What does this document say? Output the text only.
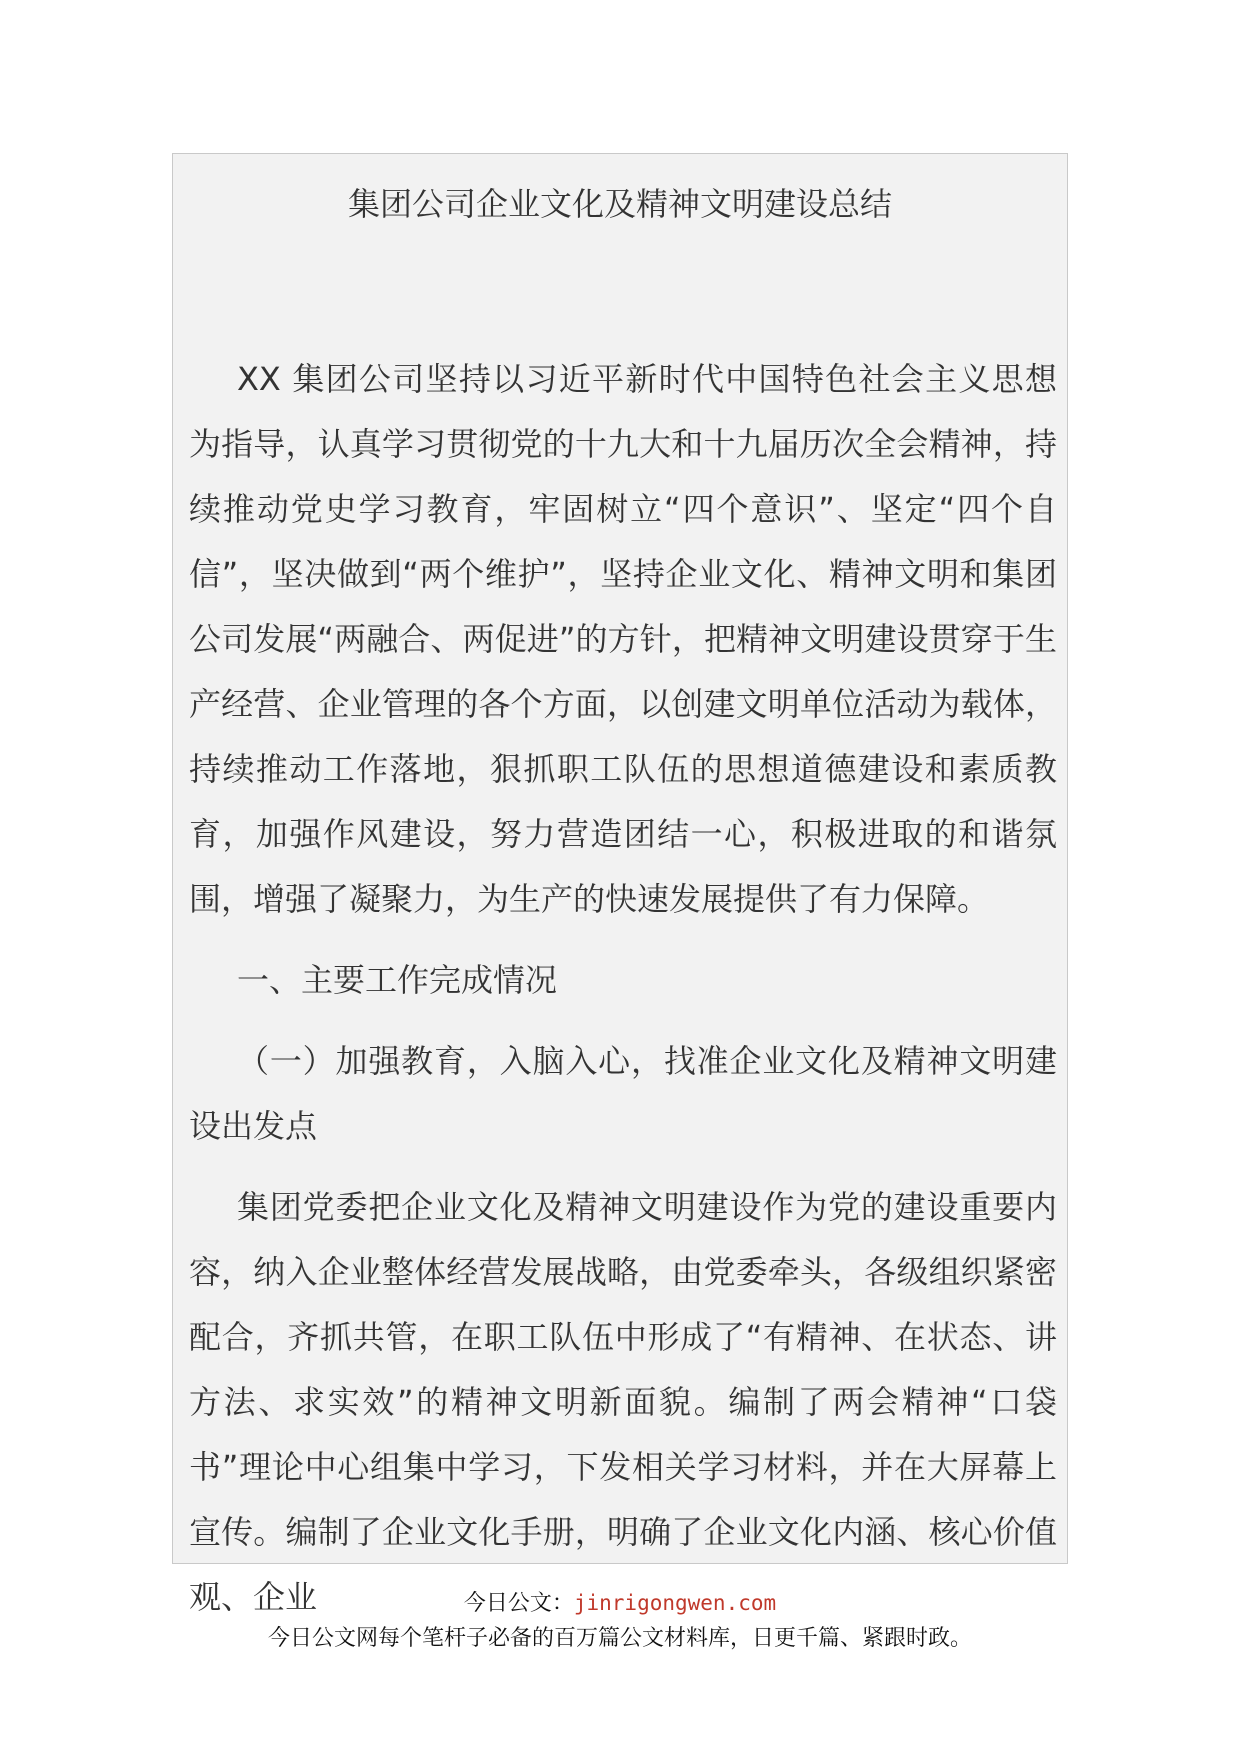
集团公司企业文化及精神文明建设总结

XX 集团公司坚持以习近平新时代中国特色社会主义思想为指导，认真学习贯彻党的十九大和十九届历次全会精神，持续推动党史学习教育，牢固树立“四个意识”、坚定“四个自信”，坚决做到“两个维护”，坚持企业文化、精神文明和集团公司发展“两融合、两促进”的方针，把精神文明建设贯穿于生产经营、企业管理的各个方面，以创建文明单位活动为载体，持续推动工作落地，狠抓职工队伍的思想道德建设和素质教育，加强作风建设，努力营造团结一心，积极进取的和谐氛围，增强了凝聚力，为生产的快速发展提供了有力保障。

一、主要工作完成情况

（一）加强教育，入脑入心，找准企业文化及精神文明建设出发点

集团党委把企业文化及精神文明建设作为党的建设重要内容，纳入企业整体经营发展战略，由党委牵头，各级组织紧密配合，齐抓共管，在职工队伍中形成了“有精神、在状态、讲方法、求实效”的精神文明新面貌。编制了两会精神“口袋书”理论中心组集中学习，下发相关学习材料，并在大屏幕上宣传。编制了企业文化手册，明确了企业文化内涵、核心价值观、企业	今日公文：jinrigongwen.com
今日公文网每个笔杆子必备的百万篇公文材料库，日更千篇、紧跟时政。
